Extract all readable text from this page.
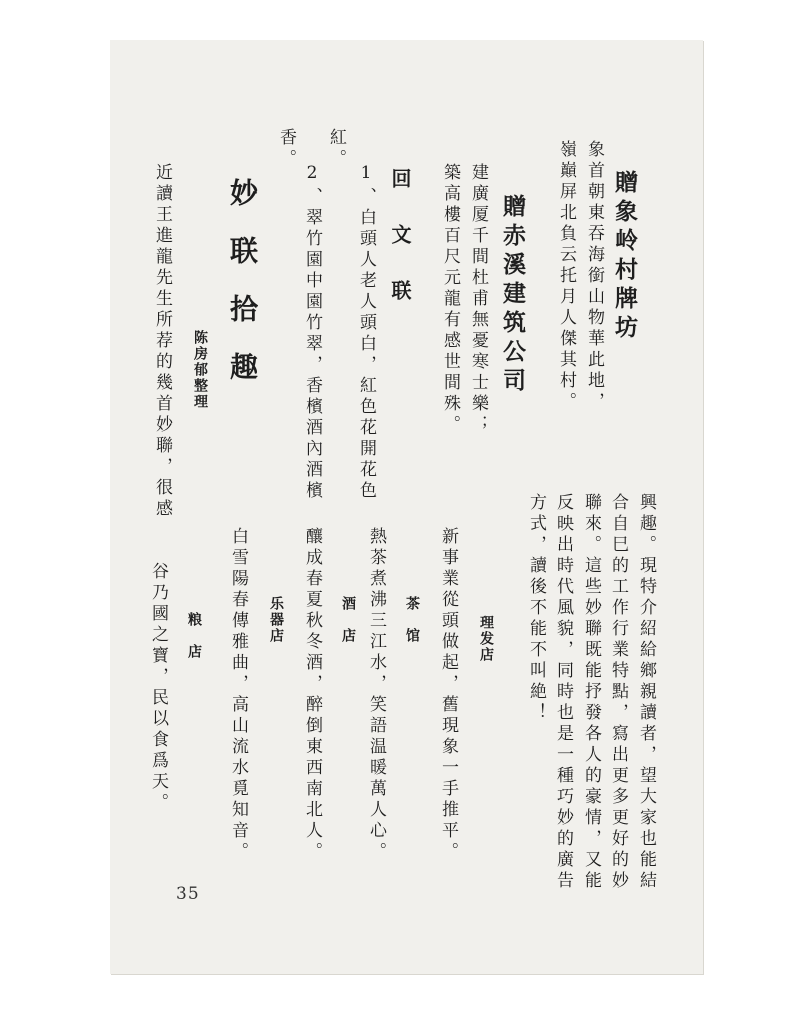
贈象岭村牌坊
象首朝東吞海銜山物華此地，
嶺巔屏北負云托月人傑其村。
贈赤溪建筑公司
建廣厦千間杜甫無憂寒士樂；
築高樓百尺元龍有感世間殊。
回　文　联
1、白頭人老人頭白，紅色花開花色
紅。
2、翠竹園中園竹翠，香檳酒內酒檳
香。
妙联拾趣
陈房郁整理
近讀王進龍先生所荐的幾首妙聯，很感
興趣。現特介紹給鄉親讀者，望大家也能結
合自巳的工作行業特點，寫出更多更好的妙
聯來。這些妙聯既能抒發各人的豪情，又能
反映出時代風貌，同時也是一種巧妙的廣告
方式，讀後不能不叫絶！
理发店
新事業從頭做起，舊現象一手推平。
茶　馆
熱茶煮沸三江水，笑語温暖萬人心。
酒　店
釀成春夏秋冬酒，醉倒東西南北人。
乐器店
白雪陽春傳雅曲，高山流水覓知音。
粮　店
谷乃國之寶，民以食爲天。
35
